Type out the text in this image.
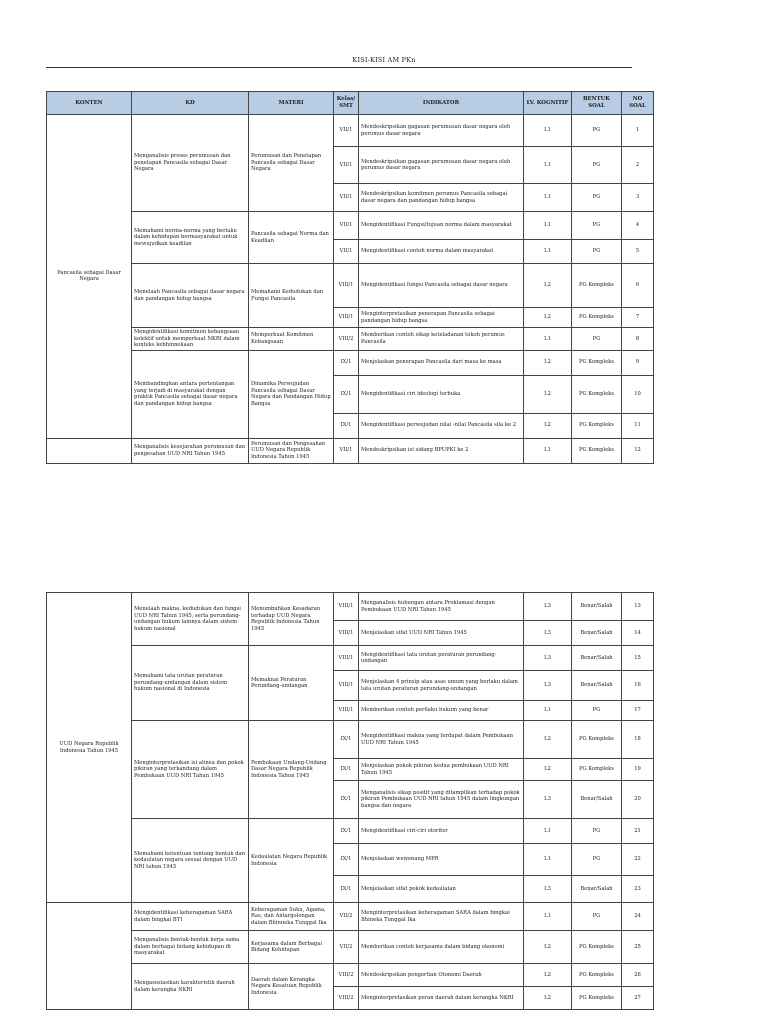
KISI-KISI AM PKn
KONTEN	KD	MATERI	Kelas/ SMT	INDIKATOR	LV. KOGNITIF	BENTUK SOAL	NO SOAL
Pancasila sebagai Dasar Negara	Menganalisis proses perumusan dan penetapan Pancasila sebagai Dasar Negara	Perumusan dan Penetapan Pancasila sebagai Dasar Negara	VII/1	Mendeskripsikan gagasan perumusan dasar negara oleh perumus dasar negara	L1	PG	1
			VII/1	Mendeskripsikan gagasan perumusan dasar negara oleh perumus dasar negara	L1	PG	2
			VII/1	Mendeskripsikan komitmen perumus Pancasila sebagai dasar negara dan pandangan hidup bangsa	L1	PG	3
	Memahami norma-norma yang berlaku dalam kehidupan bermasyarakat untuk mewujudkan keadilan	Pancasila sebagai Norma dan Keadilan	VII/1	Mengidentifikasi Fungsi/tujuan norma dalam masyarakat	L1	PG	4
			VII/1	Mengidentifikasi contoh norma dalam masyarakat	L1	PG	5
	Menelaah Pancasila sebagai dasar negara dan pandangan hidup bangsa	Memahami Kedudukan dan Fungsi Pancasila	VIII/1	Mengidentifikasi fungsi Pancasila sebagai dasar negara	L2	PG Kompleks	6
			VIII/1	Menginterpretasikan penerapan Pancasila sebagai pandangan hidup bangsa	L2	PG Kompleks	7
	Mengidentifikasi komitmen kebangsaan kolektif untuk memperkuat NKRI dalam konteks kebhinnekaan	Memperkuat Komitmen Kebangsaan	VIII/2	Memberikan contoh sikap keteladanan tokoh perumus Pancasila	L1	PG	8
	Membandingkan antara pertentangan yang terjadi di masyarakat dengan praktik Pancasila sebagai dasar negara dan pandangan hidup bangsa	Dinamika Perwujudan Pancasila sebagai Dasar Negara dan Pandangan Hidup Bangsa	IX/1	Menjelaskan penerapan Pancasila dari masa ke masa	L2	PG Kompleks	9
			IX/1	Mengidentifikasi ciri ideologi terbuka	L2	PG Kompleks	10
			IX/1	Mengidentifikasi perwujudan nilai -nilai Pancasila sila ke 2	L2	PG Kompleks	11
	Menganalisis kesejarahan perumusan dan pengesahan UUD NRI Tahun 1945	Perumusan dan Pengesahan UUD Negara Republik Indonesia Tahun 1945	VII/1	Mendeskripsikan isi sidang BPUPKI ke 2	L1	PG Kompleks	12
UUD Negara Republik Indonesia Tahun 1945	Menelaah makna, kedudukan dan fungsi UUD NRI Tahun 1945, serta perundang-undangan hukum lainnya dalam sistem hukum nasional	Menumbuhkan Kesadaran terhadap UUD Negara Republik Indonesia Tahun 1945	VIII/1	Menganalisis hubungan antara Proklamasi dengan Pembukaan UUD NRI Tahun 1945	L3	Benar/Salah	13
			VIII/1	Menjelaskan sifat UUD NRI Tahun 1945	L3	Benar/Salah	14
	Memahami tata urutan peraturan perundang-undangan dalam sistem hukum nasional di Indonesia	Memaknai Peraturan Perundang-undangan	VIII/1	Mengidentifikasi tata urutan peraturan perundang-undangan	L3	Benar/Salah	15
			VIII/1	Menjelaskan 4 prinsip atau asas umum yang berlaku dalam tata urutan peraturan perundang-undangan	L3	Benar/Salah	16
			VIII/1	Memberikan contoh perilaku hukum yang benar	L1	PG	17
	Menginterpretasikan isi alinea dan pokok pikiran yang terkandung dalam Pembukaan UUD NRI Tahun 1945	Pembukaan Undang-Undang Dasar Negara Republik Indonesia Tahun 1945	IX/1	Mengidentifikasi makna yang terdapat dalam Pembukaan UUD NRI Tahun 1945	L2	PG Kompleks	18
			IX/1	Menjelaskan pokok pikiran kedua pembukaan UUD NRI Tahun 1945	L2	PG Kompleks	19
			IX/1	Menganalisis sikap positif yang ditampilkan terhadap pokok pikiran Pembukaan UUD NRI tahun 1945 dalam lingkungan bangsa dan negara	L3	Benar/Salah	20
	Memahami ketentuan tentang bentuk dan kedaulatan negara sesuai dengan UUD NRI tahun 1945	Kedaulatan Negara Republik Indonesia	IX/1	Mengidentifikasi ciri-ciri otoriter	L1	PG	21
			IX/1	Menjelaskan wewenang MPR	L1	PG	22
			IX/1	Menjelaskan sifat pokok kedaulatan	L3	Benar/Salah	23
	Mengidentifikasi keberagaman SARA dalam bingkai BTI	Keberagaman Suku, Agama, Ras, dan Antargolongan dalam Bhinneka Tunggal Ika	VII/2	Menginterpretasikan keberagaman SARA dalam bingkai Bhineka Tunggal Ika	L1	PG	24
	Menganalisis bentuk-bentuk kerja sama dalam berbagai bidang kehidupan di masyarakat	Kerjasama dalam Berbagai Bidang Kehidupan	VII/2	Memberikan contoh kerjasama dalam bidang ekonomi	L2	PG Kompleks	25
	Mengasosiasikan karakteristik daerah dalam kerangka NKRI	Daerah dalam Kerangka Negara Kesatuan Republik Indonesia	VIII/2	Mendeskripsikan pengertian Otonomi Daerah	L2	PG Kompleks	26
			VIII/2	Menginterpretasikan peran daerah dalam kerangka NKRI	L2	PG Kompleks	27
